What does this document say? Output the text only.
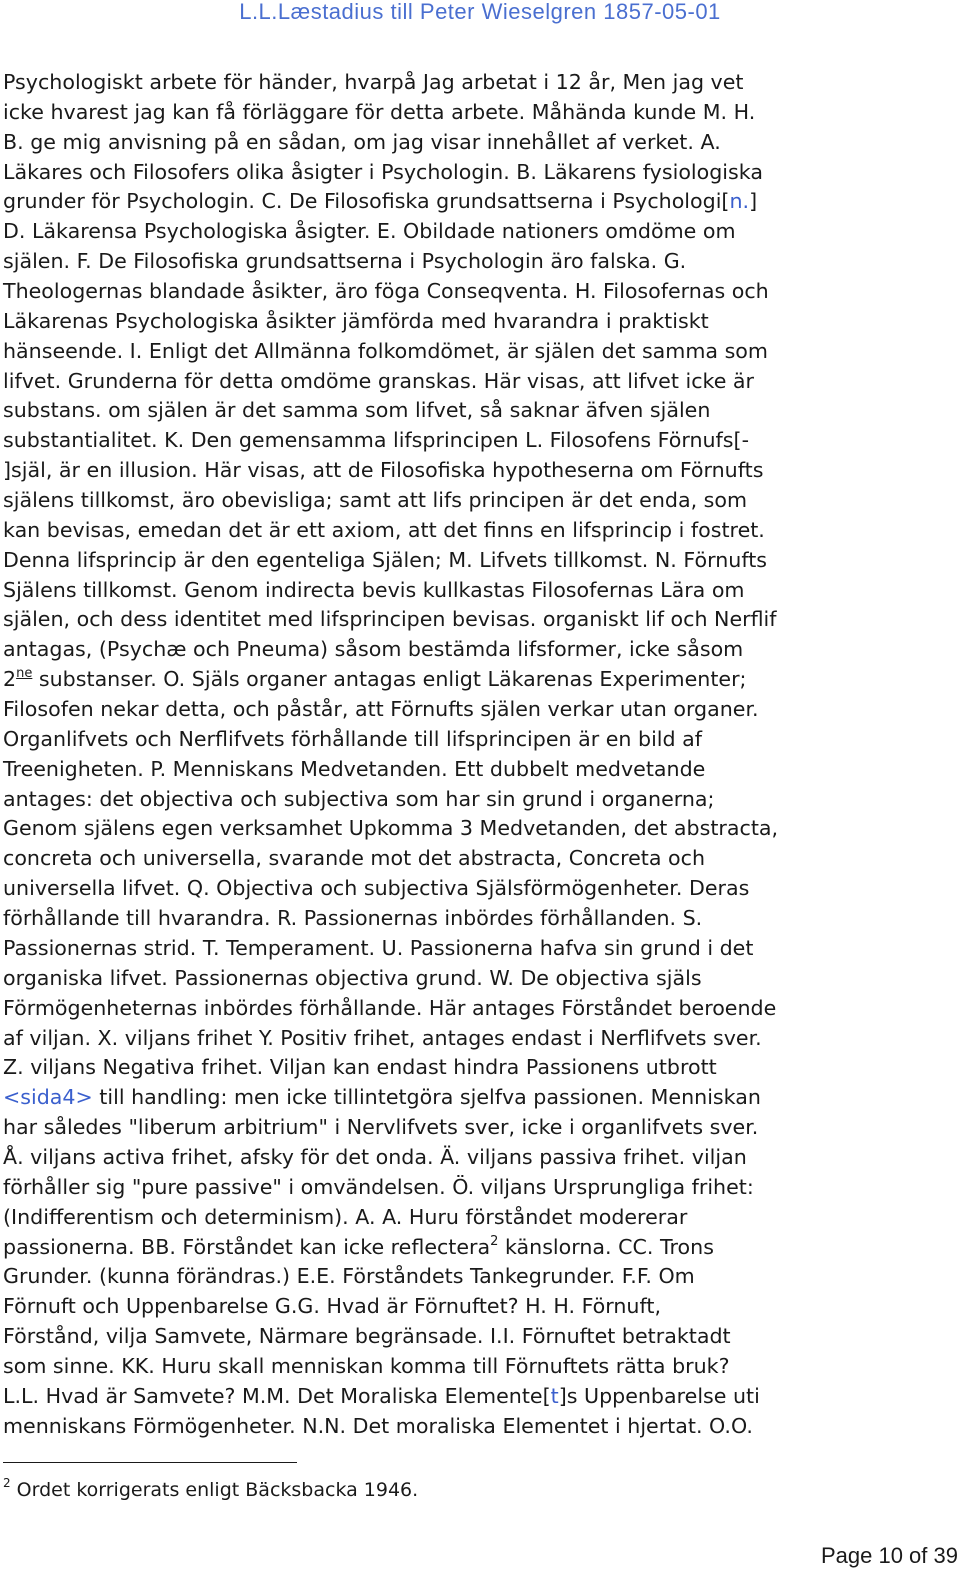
L.L.Læstadius till Peter Wieselgren 1857-05-01
Psychologiskt arbete för händer, hvarpå Jag arbetat i 12 år, Men jag vet
icke hvarest jag kan få förläggare för detta arbete. Måhända kunde M. H.
B. ge mig anvisning på en sådan, om jag visar innehållet af verket. A.
Läkares och Filosofers olika åsigter i Psychologin. B. Läkarens fysiologiska
grunder för Psychologin. C. De Filosofiska grundsattserna i Psychologi[n.]
D. Läkarensa Psychologiska åsigter. E. Obildade nationers omdöme om
själen. F. De Filosofiska grundsattserna i Psychologin äro falska. G.
Theologernas blandade åsikter, äro föga Conseqventa. H. Filosofernas och
Läkarenas Psychologiska åsikter jämförda med hvarandra i praktiskt
hänseende. I. Enligt det Allmänna folkomdömet, är själen det samma som
lifvet. Grunderna för detta omdöme granskas. Här visas, att lifvet icke är
substans. om själen är det samma som lifvet, så saknar äfven själen
substantialitet. K. Den gemensamma lifsprincipen L. Filosofens Förnufs[-
]själ, är en illusion. Här visas, att de Filosofiska hypotheserna om Förnufts
själens tillkomst, äro obevisliga; samt att lifs principen är det enda, som
kan bevisas, emedan det är ett axiom, att det finns en lifsprincip i fostret.
Denna lifsprincip är den egenteliga Själen; M. Lifvets tillkomst. N. Förnufts
Själens tillkomst. Genom indirecta bevis kullkastas Filosofernas Lära om
själen, och dess identitet med lifsprincipen bevisas. organiskt lif och Nerflif
antagas, (Psychæ och Pneuma) såsom bestämda lifsformer, icke såsom
$2^{ne}$ substanser. O. Själs organer antagas enligt Läkarenas Experimenter;
Filosofen nekar detta, och påstår, att Förnufts själen verkar utan organer.
Organlifvets och Nerflifvets förhållande till lifsprincipen är en bild af
Treenigheten. P. Menniskans Medvetanden. Ett dubbelt medvetande
antages: det objectiva och subjectiva som har sin grund i organerna;
Genom själens egen verksamhet Upkomma 3 Medvetanden, det abstracta,
concreta och universella, svarande mot det abstracta, Concreta och
universella lifvet. Q. Objectiva och subjectiva Själsförmögenheter. Deras
förhållande till hvarandra. R. Passionernas inbördes förhållanden. S.
Passionernas strid. T. Temperament. U. Passionerna hafva sin grund i det
organiska lifvet. Passionernas objectiva grund. W. De objectiva själs
Förmögenheternas inbördes förhållande. Här antages Förståndet beroende
af viljan. X. viljans frihet Y. Positiv frihet, antages endast i Nerflifvets sver.
Z. viljans Negativa frihet. Viljan kan endast hindra Passionens utbrott
<sida4> till handling: men icke tillintetgöra sjelfva passionen. Menniskan
har således "liberum arbitrium" i Nervlifvets sver, icke i organlifvets sver.
Å. viljans activa frihet, afsky för det onda. Ä. viljans passiva frihet. viljan
förhåller sig "pure passive" i omvändelsen. Ö. viljans Ursprungliga frihet:
(Indifferentism och determinism). A. A. Huru förståndet modererar
passionerna. BB. Förståndet kan icke reflectera$^2$ känslorna. CC. Trons
Grunder. (kunna förändras.) E.E. Förståndets Tankegrunder. F.F. Om
Förnuft och Uppenbarelse G.G. Hvad är Förnuftet? H. H. Förnuft,
Förstånd, vilja Samvete, Närmare begränsade. I.I. Förnuftet betraktadt
som sinne. KK. Huru skall menniskan komma till Förnuftets rätta bruk?
L.L. Hvad är Samvete? M.M. Det Moraliska Elemente[t]s Uppenbarelse uti
menniskans Förmögenheter. N.N. Det moraliska Elementet i hjertat. O.O.
$^2$ Ordet korrigerats enligt Bäcksbacka 1946.
Page 10 of 39
